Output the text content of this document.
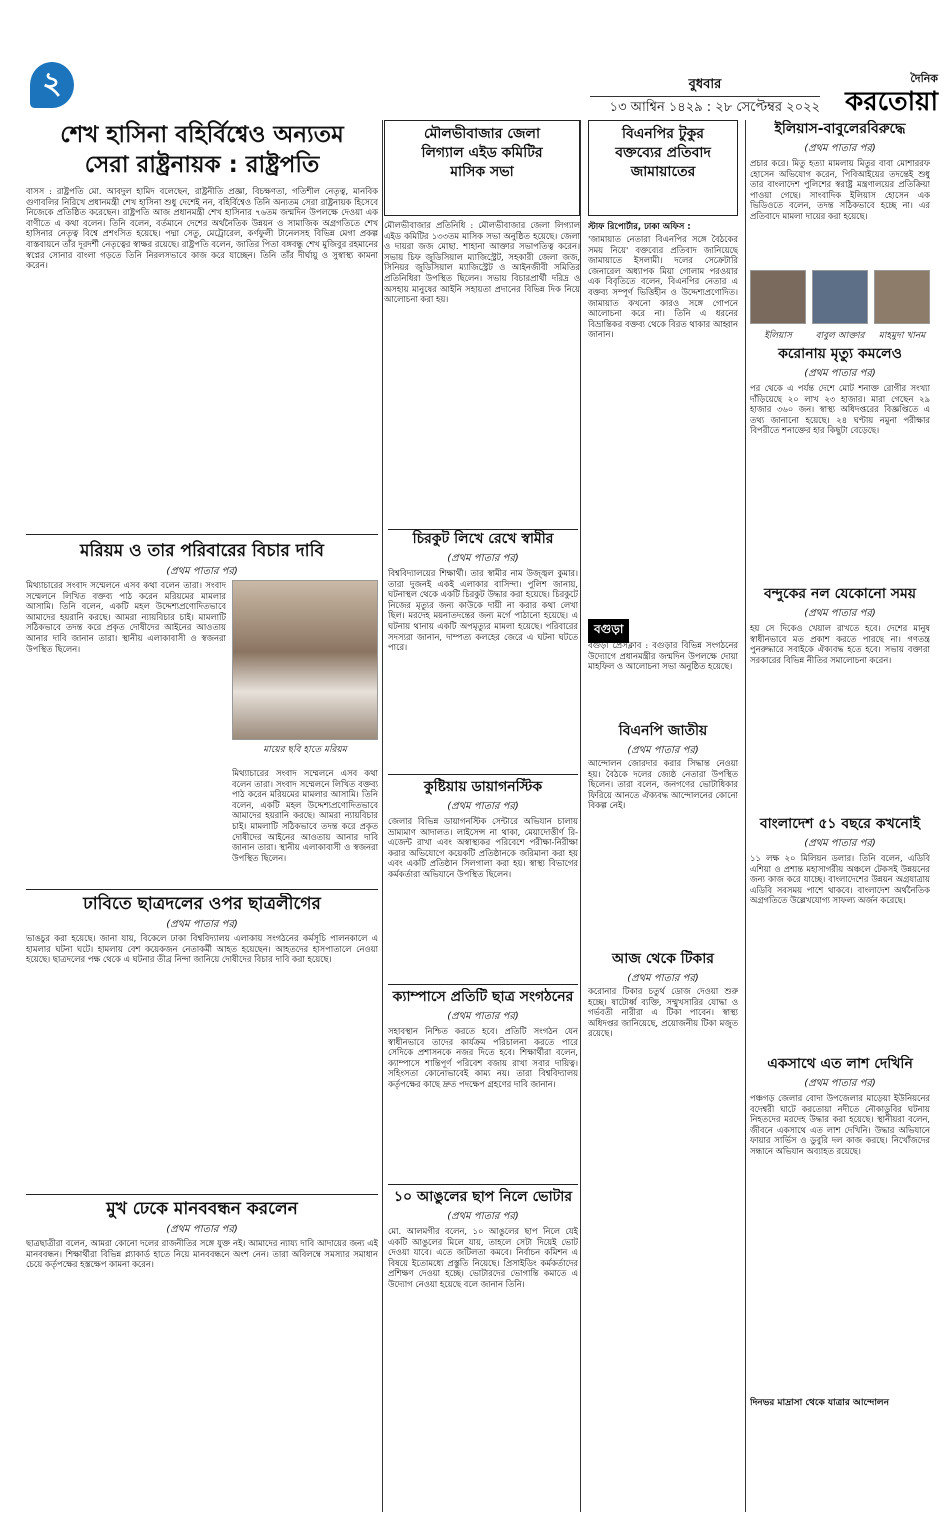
২	বুধবার
১৩ আশ্বিন ১৪২৯ : ২৮ সেপ্টেম্বর ২০২২
দৈনিক
করতোয়া
শেখ হাসিনা বহির্বিশ্বেও অন্যতম
সেরা রাষ্ট্রনায়ক : রাষ্ট্রপতি
বাসস : রাষ্ট্রপতি মো. আবদুল হামিদ বলেছেন, রাষ্ট্রনীতি প্রজ্ঞা, বিচক্ষণতা, গতিশীল নেতৃত্ব, মানবিক গুণাবলির নিরিখে প্রধানমন্ত্রী শেখ হাসিনা শুধু দেশেই নন, বহির্বিশ্বেও তিনি অন্যতম সেরা রাষ্ট্রনায়ক হিসেবে নিজেকে প্রতিষ্ঠিত করেছেন। রাষ্ট্রপতি আজ প্রধানমন্ত্রী শেখ হাসিনার ৭৬তম জন্মদিন উপলক্ষে দেওয়া এক বাণীতে এ কথা বলেন। তিনি বলেন, বর্তমানে দেশের অর্থনৈতিক উন্নয়ন ও সামাজিক অগ্রগতিতে শেখ হাসিনার নেতৃত্ব বিশ্বে প্রশংসিত হয়েছে। পদ্মা সেতু, মেট্রোরেল, কর্ণফুলী টানেলসহ বিভিন্ন মেগা প্রকল্প বাস্তবায়নে তাঁর দূরদর্শী নেতৃত্বের স্বাক্ষর রয়েছে। রাষ্ট্রপতি বলেন, জাতির পিতা বঙ্গবন্ধু শেখ মুজিবুর রহমানের স্বপ্নের সোনার বাংলা গড়তে তিনি নিরলসভাবে কাজ করে যাচ্ছেন। তিনি তাঁর দীর্ঘায়ু ও সুস্বাস্থ্য কামনা করেন।
মরিয়ম ও তার পরিবারের বিচার দাবি
(প্রথম পাতার পর)
মিথ্যাচারের সংবাদ সম্মেলনে এসব কথা বলেন তারা। সংবাদ সম্মেলনে লিখিত বক্তব্য পাঠ করেন মরিয়মের মামলার আসামি। তিনি বলেন, একটি মহল উদ্দেশ্যপ্রণোদিতভাবে আমাদের হয়রানি করছে। আমরা ন্যায়বিচার চাই। মামলাটি সঠিকভাবে তদন্ত করে প্রকৃত দোষীদের আইনের আওতায় আনার দাবি জানান তারা। স্থানীয় এলাকাবাসী ও স্বজনরা উপস্থিত ছিলেন।
মায়ের ছবি হাতে মরিয়ম
মিথ্যাচারের সংবাদ সম্মেলনে এসব কথা বলেন তারা। সংবাদ সম্মেলনে লিখিত বক্তব্য পাঠ করেন মরিয়মের মামলার আসামি। তিনি বলেন, একটি মহল উদ্দেশ্যপ্রণোদিতভাবে আমাদের হয়রানি করছে। আমরা ন্যায়বিচার চাই। মামলাটি সঠিকভাবে তদন্ত করে প্রকৃত দোষীদের আইনের আওতায় আনার দাবি জানান তারা। স্থানীয় এলাকাবাসী ও স্বজনরা উপস্থিত ছিলেন।
ঢাবিতে ছাত্রদলের ওপর ছাত্রলীগের
(প্রথম পাতার পর)
ভাঙচুর করা হয়েছে। জানা যায়, বিকেলে ঢাকা বিশ্ববিদ্যালয় এলাকায় সংগঠনের কর্মসূচি পালনকালে এ হামলার ঘটনা ঘটে। হামলায় বেশ কয়েকজন নেতাকর্মী আহত হয়েছেন। আহতদের হাসপাতালে নেওয়া হয়েছে। ছাত্রদলের পক্ষ থেকে এ ঘটনার তীব্র নিন্দা জানিয়ে দোষীদের বিচার দাবি করা হয়েছে।
মুখ ঢেকে মানববন্ধন করলেন
(প্রথম পাতার পর)
ছাত্রছাত্রীরা বলেন, আমরা কোনো দলের রাজনীতির সঙ্গে যুক্ত নই। আমাদের ন্যায্য দাবি আদায়ের জন্য এই মানববন্ধন। শিক্ষার্থীরা বিভিন্ন প্ল্যাকার্ড হাতে নিয়ে মানববন্ধনে অংশ নেন। তারা অবিলম্বে সমস্যার সমাধান চেয়ে কর্তৃপক্ষের হস্তক্ষেপ কামনা করেন।
মৌলভীবাজার জেলা
লিগ্যাল এইড কমিটির
মাসিক সভা
মৌলভীবাজার প্রতিনিধি : মৌলভীবাজার জেলা লিগ্যাল এইড কমিটির ১৩৩তম মাসিক সভা অনুষ্ঠিত হয়েছে। জেলা ও দায়রা জজ মোছা. শাহানা আক্তার সভাপতিত্ব করেন। সভায় চিফ জুডিসিয়াল ম্যাজিস্ট্রেট, সহকারী জেলা জজ, সিনিয়র জুডিসিয়াল ম্যাজিস্ট্রেট ও আইনজীবী সমিতির প্রতিনিধিরা উপস্থিত ছিলেন। সভায় বিচারপ্রার্থী দরিদ্র ও অসহায় মানুষের আইনি সহায়তা প্রদানের বিভিন্ন দিক নিয়ে আলোচনা করা হয়।
চিরকুট লিখে রেখে স্বামীর
(প্রথম পাতার পর)
বিশ্ববিদ্যালয়ের শিক্ষার্থী। তার স্বামীর নাম উজ্জ্বল কুমার। তারা দুজনই একই এলাকার বাসিন্দা। পুলিশ জানায়, ঘটনাস্থল থেকে একটি চিরকুট উদ্ধার করা হয়েছে। চিরকুটে নিজের মৃত্যুর জন্য কাউকে দায়ী না করার কথা লেখা ছিল। মরদেহ ময়নাতদন্তের জন্য মর্গে পাঠানো হয়েছে। এ ঘটনায় থানায় একটি অপমৃত্যুর মামলা হয়েছে। পরিবারের সদস্যরা জানান, দাম্পত্য কলহের জেরে এ ঘটনা ঘটতে পারে।
কুষ্টিয়ায় ডায়াগনস্টিক
(প্রথম পাতার পর)
জেলার বিভিন্ন ডায়াগনস্টিক সেন্টারে অভিযান চালায় ভ্রাম্যমাণ আদালত। লাইসেন্স না থাকা, মেয়াদোত্তীর্ণ রি-এজেন্ট রাখা এবং অস্বাস্থ্যকর পরিবেশে পরীক্ষা-নিরীক্ষা করার অভিযোগে কয়েকটি প্রতিষ্ঠানকে জরিমানা করা হয় এবং একটি প্রতিষ্ঠান সিলগালা করা হয়। স্বাস্থ্য বিভাগের কর্মকর্তারা অভিযানে উপস্থিত ছিলেন।
ক্যাম্পাসে প্রতিটি ছাত্র সংগঠনের
(প্রথম পাতার পর)
সহাবস্থান নিশ্চিত করতে হবে। প্রতিটি সংগঠন যেন স্বাধীনভাবে তাদের কার্যক্রম পরিচালনা করতে পারে সেদিকে প্রশাসনকে নজর দিতে হবে। শিক্ষার্থীরা বলেন, ক্যাম্পাসে শান্তিপূর্ণ পরিবেশ বজায় রাখা সবার দায়িত্ব। সহিংসতা কোনোভাবেই কাম্য নয়। তারা বিশ্ববিদ্যালয় কর্তৃপক্ষের কাছে দ্রুত পদক্ষেপ গ্রহণের দাবি জানান।
১০ আঙুলের ছাপ নিলে ভোটার
(প্রথম পাতার পর)
মো. আলমগীর বলেন, ১০ আঙুলের ছাপ নিলে যেই একটি আঙুলের মিলে যায়, তাহলে সেটা দিয়েই ভোট দেওয়া যাবে। এতে জটিলতা কমবে। নির্বাচন কমিশন এ বিষয়ে ইতোমধ্যে প্রস্তুতি নিয়েছে। প্রিসাইডিং কর্মকর্তাদের প্রশিক্ষণ দেওয়া হচ্ছে। ভোটারদের ভোগান্তি কমাতে এ উদ্যোগ নেওয়া হয়েছে বলে জানান তিনি।
বিএনপির টুকুর
বক্তব্যের প্রতিবাদ
জামায়াতের
স্টাফ রিপোর্টার, ঢাকা অফিস :
'জামায়াত নেতারা বিএনপির সঙ্গে বৈঠকের সময় নিয়ে' বক্তব্যের প্রতিবাদ জানিয়েছে জামায়াতে ইসলামী। দলের সেক্রেটারি জেনারেল অধ্যাপক মিয়া গোলাম পরওয়ার এক বিবৃতিতে বলেন, বিএনপির নেতার এ বক্তব্য সম্পূর্ণ ভিত্তিহীন ও উদ্দেশ্যপ্রণোদিত। জামায়াত কখনো কারও সঙ্গে গোপনে আলোচনা করে না। তিনি এ ধরনের বিভ্রান্তিকর বক্তব্য থেকে বিরত থাকার আহ্বান জানান।
বগুড়া
বগুড়া প্রেসক্লাব : বগুড়ার বিভিন্ন সংগঠনের উদ্যোগে প্রধানমন্ত্রীর জন্মদিন উপলক্ষে দোয়া মাহফিল ও আলোচনা সভা অনুষ্ঠিত হয়েছে।
বিএনপি জাতীয়
(প্রথম পাতার পর)
আন্দোলন জোরদার করার সিদ্ধান্ত নেওয়া হয়। বৈঠকে দলের জ্যেষ্ঠ নেতারা উপস্থিত ছিলেন। তারা বলেন, জনগণের ভোটাধিকার ফিরিয়ে আনতে ঐক্যবদ্ধ আন্দোলনের কোনো বিকল্প নেই।
আজ থেকে টিকার
(প্রথম পাতার পর)
করোনার টিকার চতুর্থ ডোজ দেওয়া শুরু হচ্ছে। ষাটোর্ধ্ব ব্যক্তি, সম্মুখসারির যোদ্ধা ও গর্ভবতী নারীরা এ টিকা পাবেন। স্বাস্থ্য অধিদপ্তর জানিয়েছে, প্রয়োজনীয় টিকা মজুত রয়েছে।
ইলিয়াস-বাবুলেরবিরুদ্ধে
(প্রথম পাতার পর)
প্রচার করে। মিতু হত্যা মামলায় মিতুর বাবা মোশাররফ হোসেন অভিযোগ করেন, পিবিআইয়ের তদন্তেই শুধু তার বাংলাদেশ পুলিশের স্বরাষ্ট্র মন্ত্রণালয়ের প্রতিক্রিয়া পাওয়া গেছে। সাংবাদিক ইলিয়াস হোসেন এক ভিডিওতে বলেন, তদন্ত সঠিকভাবে হচ্ছে না। এর প্রতিবাদে মামলা দায়ের করা হয়েছে।
ইলিয়াস	বাবুল আক্তার	মাহমুদা খানম
করোনায় মৃত্যু কমলেও
(প্রথম পাতার পর)
পর থেকে এ পর্যন্ত দেশে মোট শনাক্ত রোগীর সংখ্যা দাঁড়িয়েছে ২০ লাখ ২৩ হাজার। মারা গেছেন ২৯ হাজার ৩৬০ জন। স্বাস্থ্য অধিদপ্তরের বিজ্ঞপ্তিতে এ তথ্য জানানো হয়েছে। ২৪ ঘণ্টায় নমুনা পরীক্ষার বিপরীতে শনাক্তের হার কিছুটা বেড়েছে।
বন্দুকের নল যেকোনো সময়
(প্রথম পাতার পর)
হয় সে দিকেও খেয়াল রাখতে হবে। দেশের মানুষ স্বাধীনভাবে মত প্রকাশ করতে পারছে না। গণতন্ত্র পুনরুদ্ধারে সবাইকে ঐক্যবদ্ধ হতে হবে। সভায় বক্তারা সরকারের বিভিন্ন নীতির সমালোচনা করেন।
বাংলাদেশ ৫১ বছরে কখনোই
(প্রথম পাতার পর)
১১ লক্ষ ২০ মিলিয়ন ডলার। তিনি বলেন, এডিবি এশিয়া ও প্রশান্ত মহাসাগরীয় অঞ্চলে টেকসই উন্নয়নের জন্য কাজ করে যাচ্ছে। বাংলাদেশের উন্নয়ন অগ্রযাত্রায় এডিবি সবসময় পাশে থাকবে। বাংলাদেশ অর্থনৈতিক অগ্রগতিতে উল্লেখযোগ্য সাফল্য অর্জন করেছে।
একসাথে এত লাশ দেখিনি
(প্রথম পাতার পর)
পঞ্চগড় জেলার বোদা উপজেলার মাড়েয়া ইউনিয়নের বদেশ্বরী ঘাটে করতোয়া নদীতে নৌকাডুবির ঘটনায় নিহতদের মরদেহ উদ্ধার করা হয়েছে। স্থানীয়রা বলেন, জীবনে একসাথে এত লাশ দেখিনি। উদ্ধার অভিযানে ফায়ার সার্ভিস ও ডুবুরি দল কাজ করছে। নিখোঁজদের সন্ধানে অভিযান অব্যাহত রয়েছে।
দিনভর মাদ্রাসা থেকে যাত্রার আন্দোলন
